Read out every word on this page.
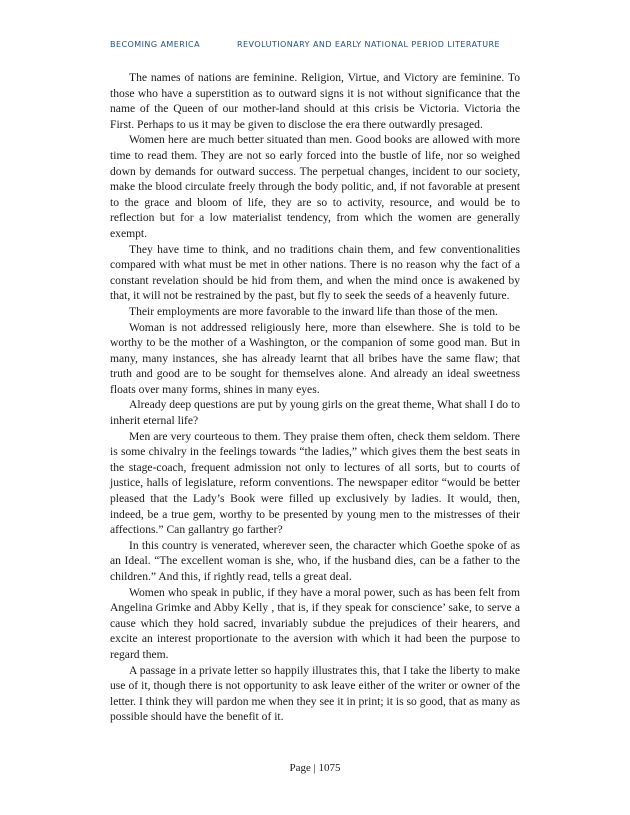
BECOMING AMERICA	REVOLUTIONARY AND EARLY NATIONAL PERIOD LITERATURE

The names of nations are feminine. Religion, Virtue, and Victory are feminine. To those who have a superstition as to outward signs it is not without significance that the name of the Queen of our mother-land should at this crisis be Victoria. Victoria the First. Perhaps to us it may be given to disclose the era there outwardly presaged.

Women here are much better situated than men. Good books are allowed with more time to read them. They are not so early forced into the bustle of life, nor so weighed down by demands for outward success. The perpetual changes, incident to our society, make the blood circulate freely through the body politic, and, if not favorable at present to the grace and bloom of life, they are so to activity, resource, and would be to reflection but for a low materialist tendency, from which the women are generally exempt.

They have time to think, and no traditions chain them, and few conventionalities compared with what must be met in other nations. There is no reason why the fact of a constant revelation should be hid from them, and when the mind once is awakened by that, it will not be restrained by the past, but fly to seek the seeds of a heavenly future.

Their employments are more favorable to the inward life than those of the men.

Woman is not addressed religiously here, more than elsewhere. She is told to be worthy to be the mother of a Washington, or the companion of some good man. But in many, many instances, she has already learnt that all bribes have the same flaw; that truth and good are to be sought for themselves alone. And already an ideal sweetness floats over many forms, shines in many eyes.

Already deep questions are put by young girls on the great theme, What shall I do to inherit eternal life?

Men are very courteous to them. They praise them often, check them seldom. There is some chivalry in the feelings towards “the ladies,” which gives them the best seats in the stage-coach, frequent admission not only to lectures of all sorts, but to courts of justice, halls of legislature, reform conventions. The newspaper editor “would be better pleased that the Lady’s Book were filled up exclusively by ladies. It would, then, indeed, be a true gem, worthy to be presented by young men to the mistresses of their affections.” Can gallantry go farther?

In this country is venerated, wherever seen, the character which Goethe spoke of as an Ideal. “The excellent woman is she, who, if the husband dies, can be a father to the children.” And this, if rightly read, tells a great deal.

Women who speak in public, if they have a moral power, such as has been felt from Angelina Grimke and Abby Kelly , that is, if they speak for conscience’ sake, to serve a cause which they hold sacred, invariably subdue the prejudices of their hearers, and excite an interest proportionate to the aversion with which it had been the purpose to regard them.

A passage in a private letter so happily illustrates this, that I take the liberty to make use of it, though there is not opportunity to ask leave either of the writer or owner of the letter. I think they will pardon me when they see it in print; it is so good, that as many as possible should have the benefit of it.

Page | 1075
